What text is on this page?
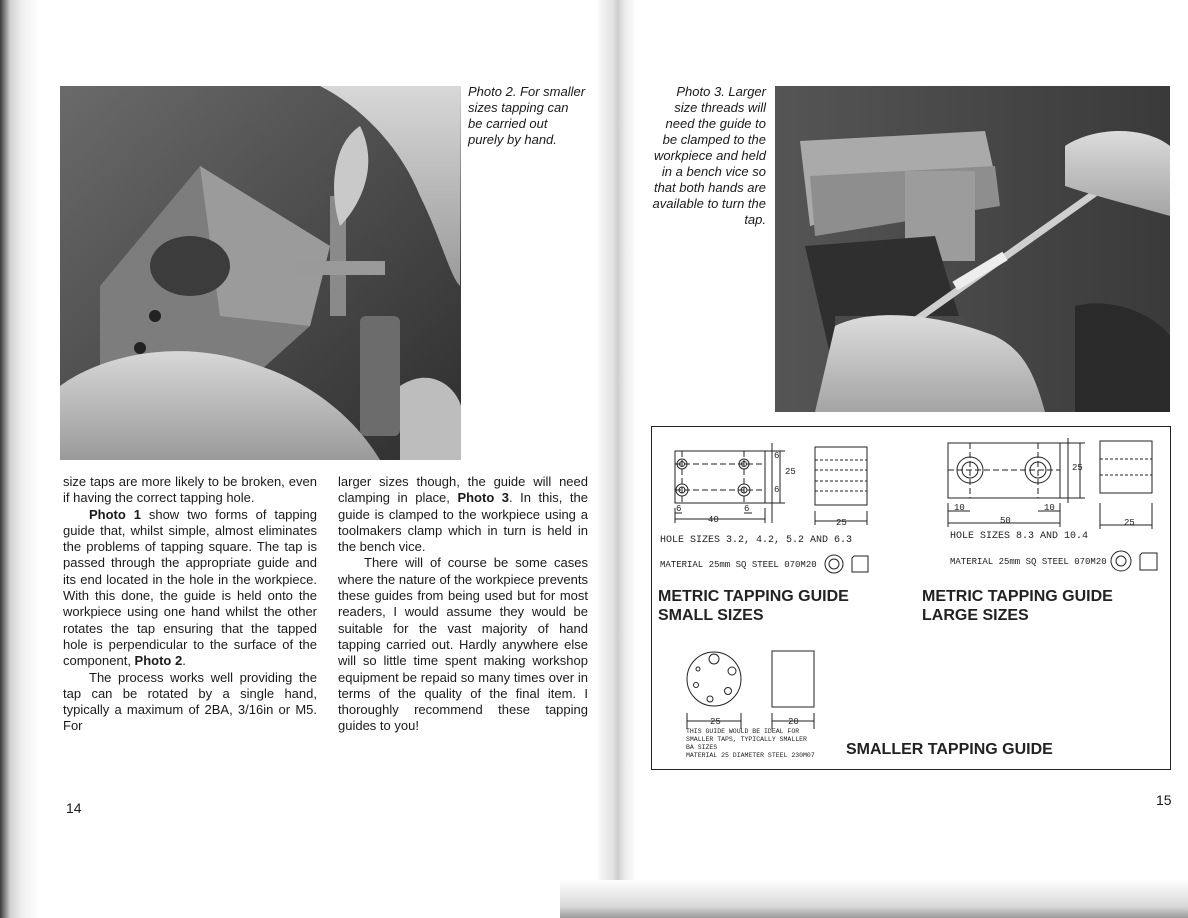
Photo 2. For smaller sizes tapping can be carried out purely by hand.

size taps are more likely to be broken, even if having the correct tapping hole.

Photo 1 show two forms of tapping guide that, whilst simple, almost eliminates the problems of tapping square. The tap is passed through the appropriate guide and its end located in the hole in the workpiece. With this done, the guide is held onto the workpiece using one hand whilst the other rotates the tap ensuring that the tapped hole is perpendicular to the surface of the component, Photo 2.

The process works well providing the tap can be rotated by a single hand, typically a maximum of 2BA, 3/16in or M5. For

larger sizes though, the guide will need clamping in place, Photo 3. In this, the guide is clamped to the workpiece using a toolmakers clamp which in turn is held in the bench vice.

There will of course be some cases where the nature of the workpiece prevents these guides from being used but for most readers, I would assume they would be suitable for the vast majority of hand tapping carried out. Hardly anywhere else will so little time spent making workshop equipment be repaid so many times over in terms of the quality of the final item. I thoroughly recommend these tapping guides to you!

14
Photo 3. Larger size threads will need the guide to be clamped to the workpiece and held in a bench vice so that both hands are available to turn the tap.
6	6
40	25
6
25
6
HOLE SIZES 3.2, 4.2, 5.2 AND 6.3
MATERIAL 25mm SQ STEEL 070M20
METRIC TAPPING GUIDE
SMALL SIZES
10	10
50	25
25
HOLE SIZES 8.3 AND 10.4
MATERIAL 25mm SQ STEEL 070M20
METRIC TAPPING GUIDE
LARGE SIZES
25	20
THIS GUIDE WOULD BE IDEAL FOR
SMALLER TAPS, TYPICALLY SMALLER
BA SIZES
MATERIAL 25 DIAMETER STEEL 230M07 SMALLER TAPPING GUIDE
15
